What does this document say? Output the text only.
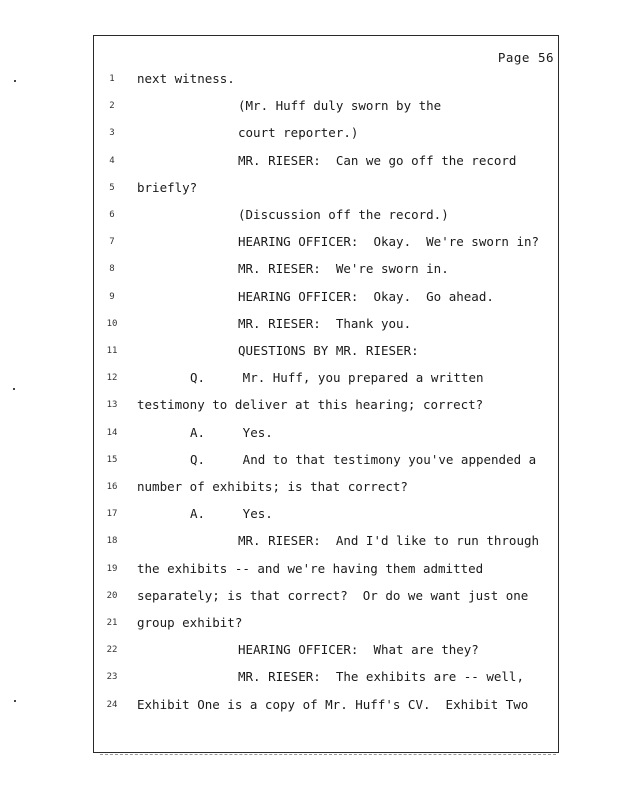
Page 56
1	next witness.
2	(Mr. Huff duly sworn by the
3	court reporter.)
4	MR. RIESER:  Can we go off the record
5	briefly?
6	(Discussion off the record.)
7	HEARING OFFICER:  Okay.  We're sworn in?
8	MR. RIESER:  We're sworn in.
9	HEARING OFFICER:  Okay.  Go ahead.
10	MR. RIESER:  Thank you.
11	QUESTIONS BY MR. RIESER:
12	Q.     Mr. Huff, you prepared a written
13 testimony to deliver at this hearing; correct?
14	A.     Yes.
15	Q.     And to that testimony you've appended a
16 number of exhibits; is that correct?
17	A.     Yes.
18	MR. RIESER:  And I'd like to run through
19 the exhibits -- and we're having them admitted
20 separately; is that correct?  Or do we want just one
21 group exhibit?
22	HEARING OFFICER:  What are they?
23	MR. RIESER:  The exhibits are -- well,
24 Exhibit One is a copy of Mr. Huff's CV.  Exhibit Two
